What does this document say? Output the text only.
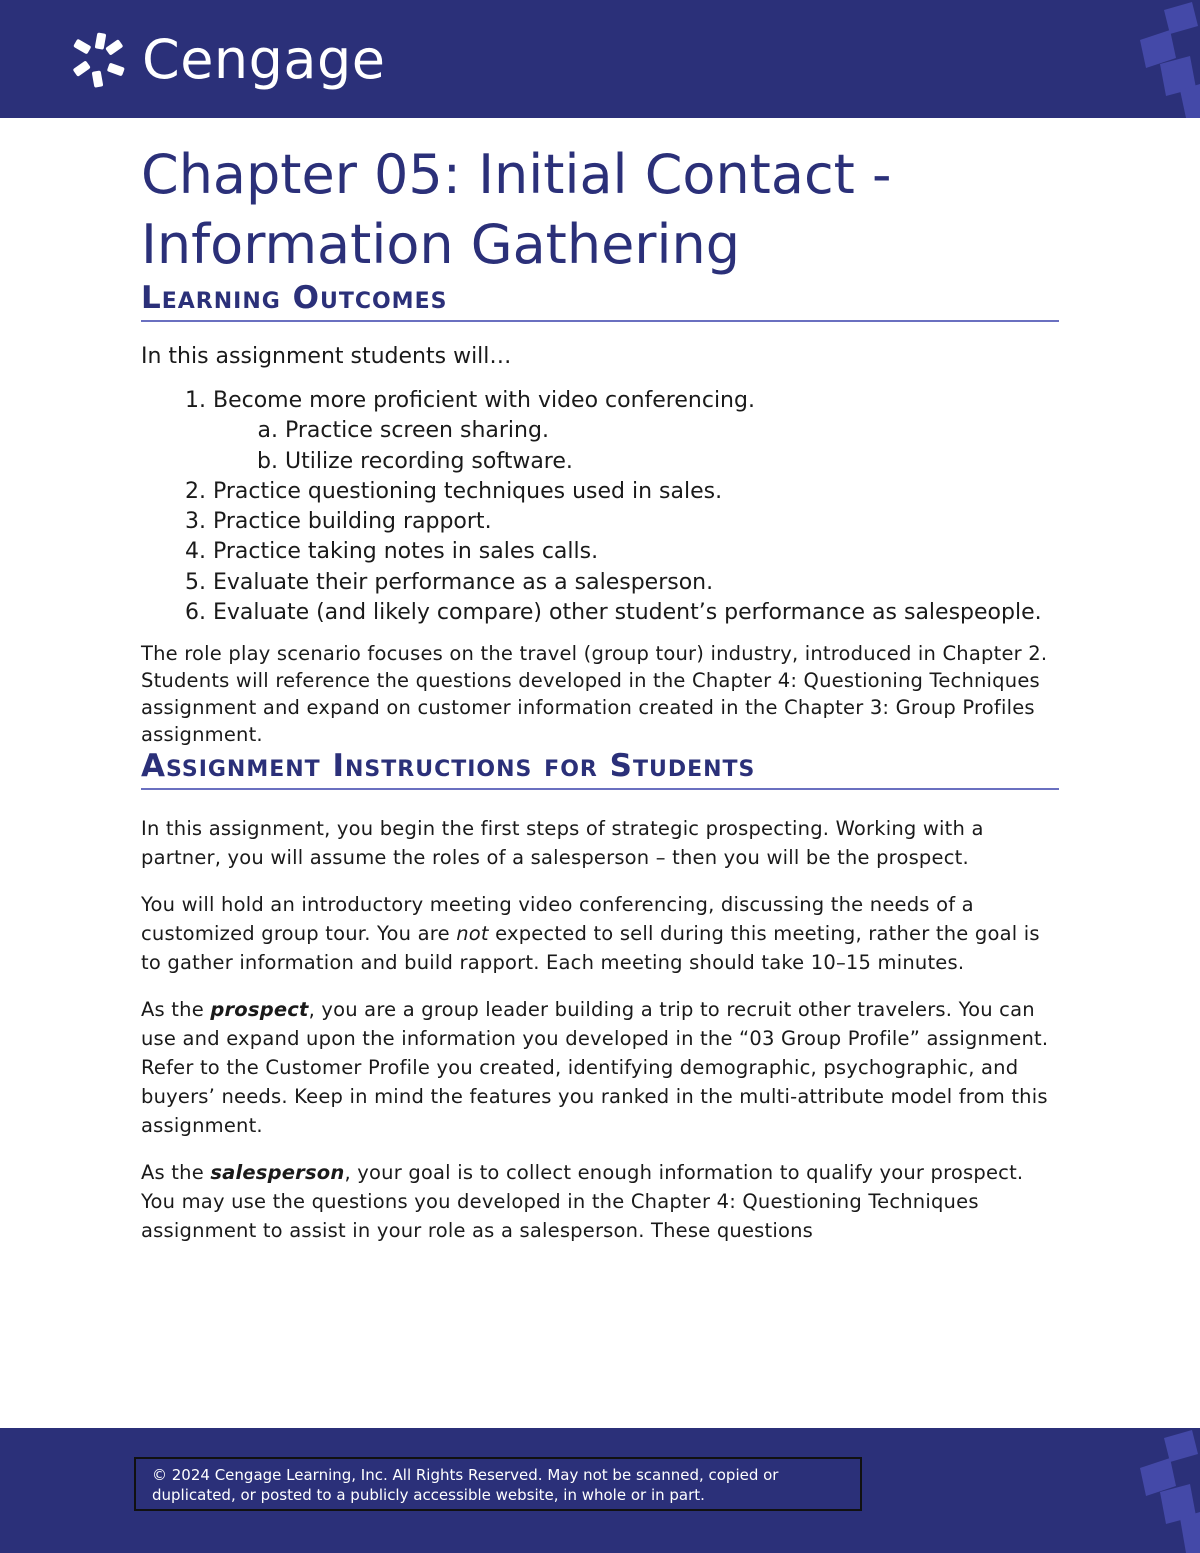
Cengage
Chapter 05: Initial Contact - Information Gathering
Learning Outcomes
In this assignment students will…
1. Become more proficient with video conferencing.
a. Practice screen sharing.
b. Utilize recording software.
2. Practice questioning techniques used in sales.
3. Practice building rapport.
4. Practice taking notes in sales calls.
5. Evaluate their performance as a salesperson.
6. Evaluate (and likely compare) other student’s performance as salespeople.

The role play scenario focuses on the travel (group tour) industry, introduced in Chapter 2. Students will reference the questions developed in the Chapter 4: Questioning Techniques assignment and expand on customer information created in the Chapter 3: Group Profiles assignment.

Assignment Instructions for Students

In this assignment, you begin the first steps of strategic prospecting. Working with a partner, you will assume the roles of a salesperson – then you will be the prospect.

You will hold an introductory meeting video conferencing, discussing the needs of a customized group tour. You are not expected to sell during this meeting, rather the goal is to gather information and build rapport. Each meeting should take 10–15 minutes.

As the prospect, you are a group leader building a trip to recruit other travelers. You can use and expand upon the information you developed in the “03 Group Profile” assignment. Refer to the Customer Profile you created, identifying demographic, psychographic, and buyers’ needs. Keep in mind the features you ranked in the multi-attribute model from this assignment.

As the salesperson, your goal is to collect enough information to qualify your prospect. You may use the questions you developed in the Chapter 4: Questioning Techniques assignment to assist in your role as a salesperson. These questions

© 2024 Cengage Learning, Inc. All Rights Reserved. May not be scanned, copied or duplicated, or posted to a publicly accessible website, in whole or in part.
